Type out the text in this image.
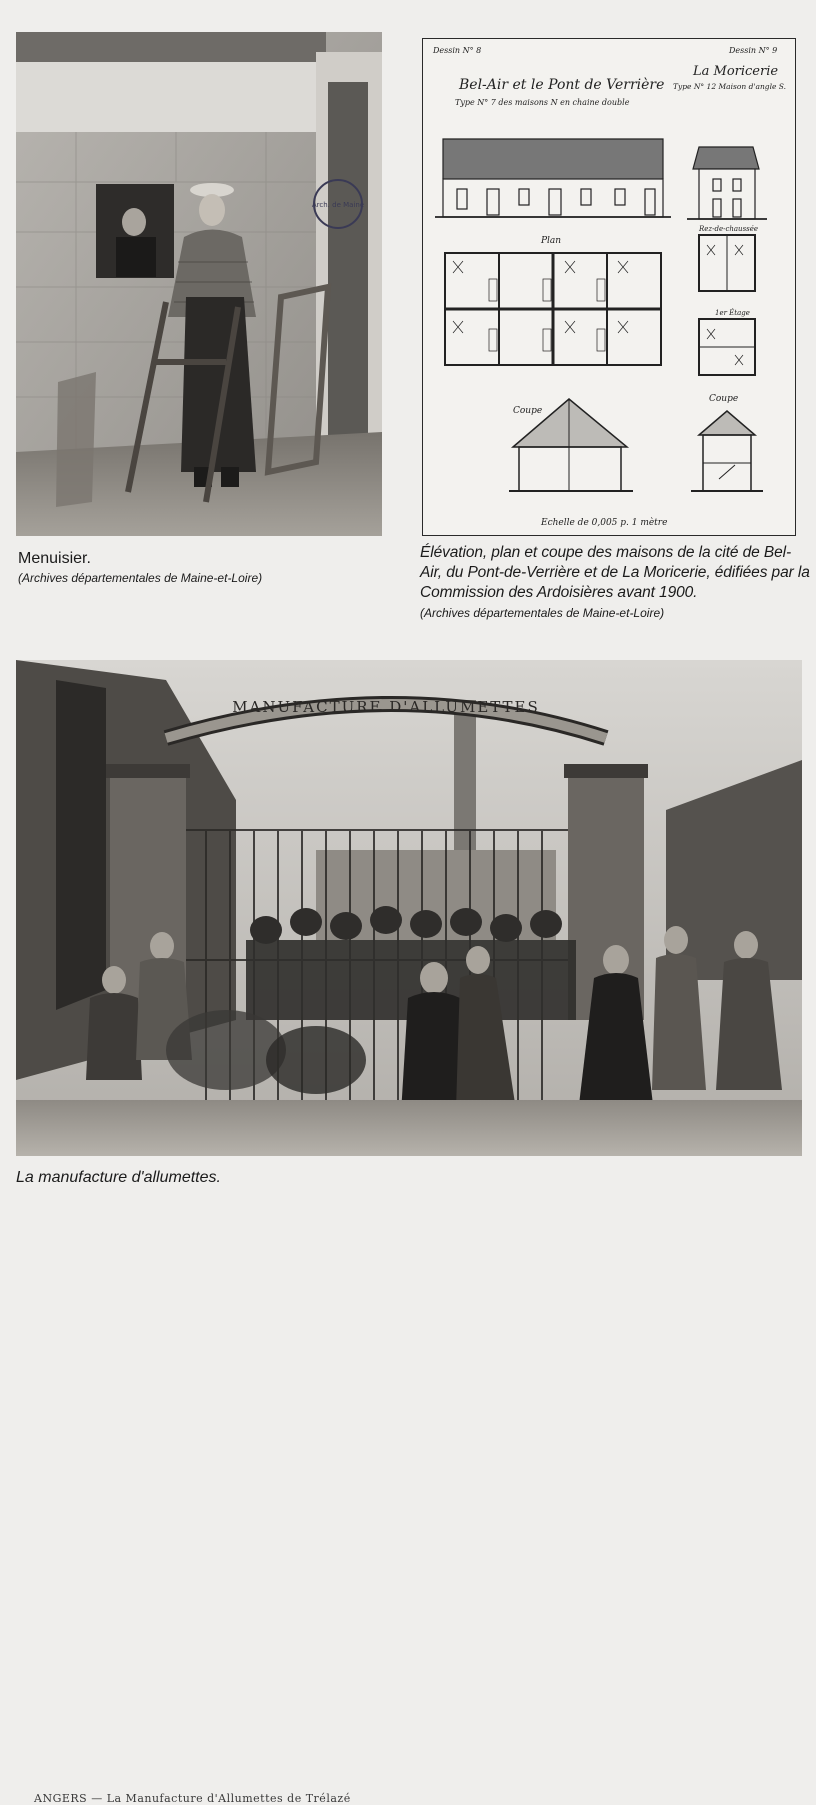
Arch. de Maine
Dessin N° 8	Dessin N° 9
Bel-Air et le Pont de Verrière
Type N° 7 des maisons N en chaine double
La Moricerie
Type N° 12 Maison d'angle S.
Plan
Rez-de-chaussée
1er Étage
Coupe
Coupe
Echelle de 0,005 p. 1 mètre
Menuisier.
(Archives départementales de Maine-et-Loire)
Élévation, plan et coupe des maisons de la cité de Bel-Air, du Pont-de-Verrière et de La Moricerie, édifiées par la Commission des Ardoisières avant 1900.
(Archives départementales de Maine-et-Loire)
MANUFACTURE D'ALLUMETTES
ANGERS — La Manufacture d'Allumettes de Trélazé
La manufacture d'allumettes.
